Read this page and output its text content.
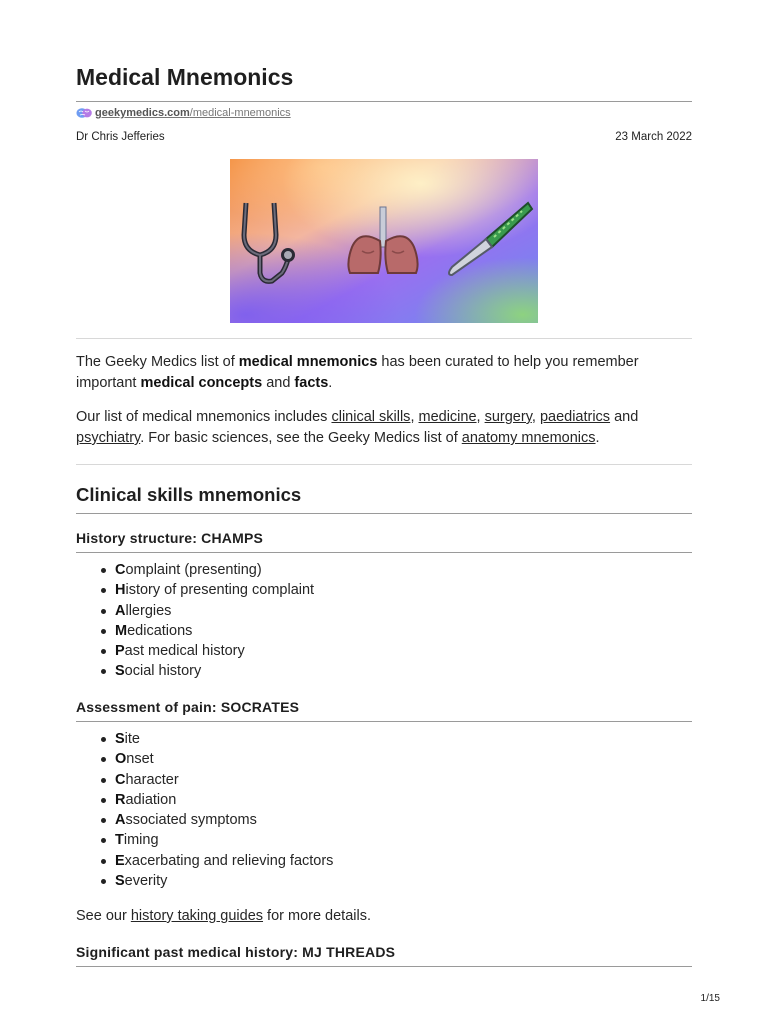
Medical Mnemonics
geekymedics.com/medical-mnemonics
Dr Chris Jefferies	23 March 2022

The Geeky Medics list of medical mnemonics has been curated to help you remember important medical concepts and facts.

Our list of medical mnemonics includes clinical skills, medicine, surgery, paediatrics and psychiatry. For basic sciences, see the Geeky Medics list of anatomy mnemonics.

Clinical skills mnemonics
History structure: CHAMPS
Complaint (presenting)
History of presenting complaint
Allergies
Medications
Past medical history
Social history
Assessment of pain: SOCRATES
Site
Onset
Character
Radiation
Associated symptoms
Timing
Exacerbating and relieving factors
Severity

See our history taking guides for more details.

Significant past medical history: MJ THREADS
1/15
